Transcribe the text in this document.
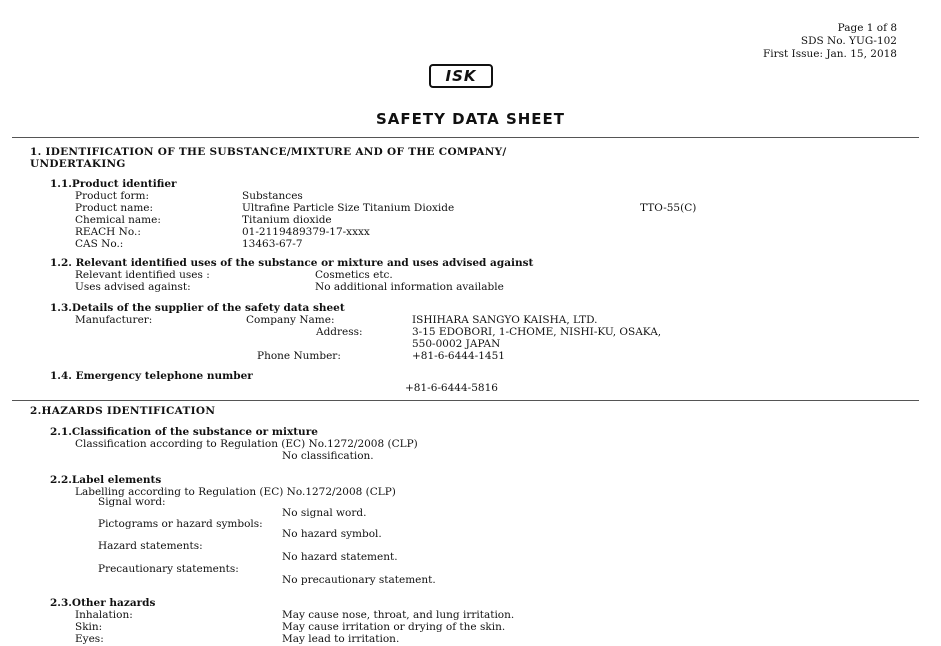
Page 1 of 8
SDS No. YUG-102
First Issue: Jan. 15, 2018
ISK
SAFETY DATA SHEET
1. IDENTIFICATION OF THE SUBSTANCE/MIXTURE AND OF THE COMPANY/
UNDERTAKING
1.1.Product identifier
Product form:	Substances
Product name:	Ultrafine Particle Size Titanium Dioxide	TTO-55(C)
Chemical name:	Titanium dioxide
REACH No.:	01-2119489379-17-xxxx
CAS No.:	13463-67-7
1.2. Relevant identified uses of the substance or mixture and uses advised against
Relevant identified uses :	Cosmetics etc.
Uses advised against:	No additional information available
1.3.Details of the supplier of the safety data sheet
Manufacturer:	Company Name:	ISHIHARA SANGYO KAISHA, LTD.
Address:	3-15 EDOBORI, 1-CHOME, NISHI-KU, OSAKA,
550-0002 JAPAN
Phone Number:	+81-6-6444-1451
1.4. Emergency telephone number
+81-6-6444-5816
2.HAZARDS IDENTIFICATION
2.1.Classification of the substance or mixture
Classification according to Regulation (EC) No.1272/2008 (CLP)
No classification.
2.2.Label elements
Labelling according to Regulation (EC) No.1272/2008 (CLP)
Signal word:
No signal word.
Pictograms or hazard symbols:
No hazard symbol.
Hazard statements:
No hazard statement.
Precautionary statements:
No precautionary statement.
2.3.Other hazards
Inhalation:	May cause nose, throat, and lung irritation.
Skin:	May cause irritation or drying of the skin.
Eyes:	May lead to irritation.
